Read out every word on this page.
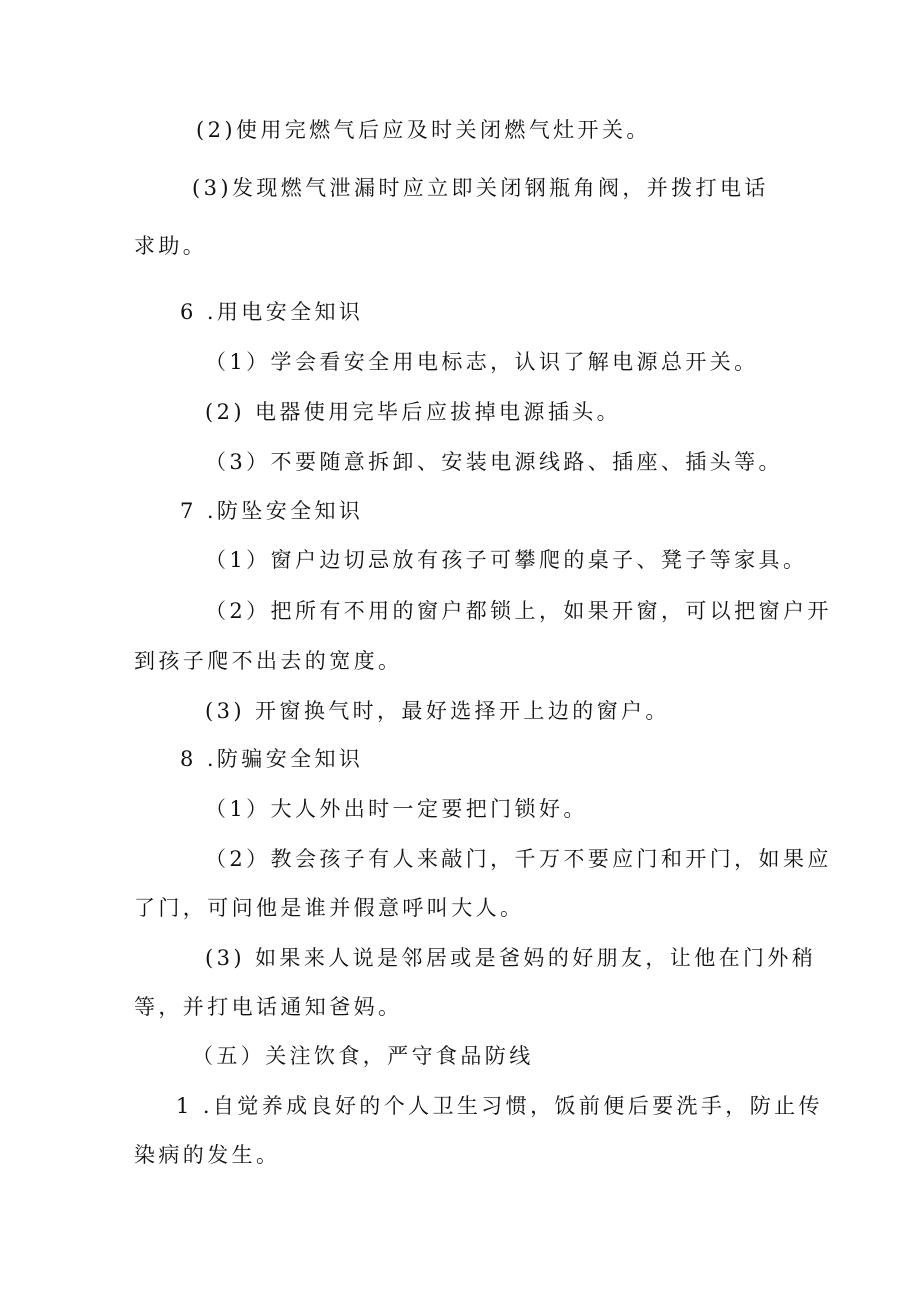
(2)使用完燃气后应及时关闭燃气灶开关。
(3)发现燃气泄漏时应立即关闭钢瓶角阀，并拨打电话
求助。
6 .用电安全知识
（1）学会看安全用电标志，认识了解电源总开关。
(2) 电器使用完毕后应拔掉电源插头。
（3）不要随意拆卸、安装电源线路、插座、插头等。
7 .防坠安全知识
（1）窗户边切忌放有孩子可攀爬的桌子、凳子等家具。
（2）把所有不用的窗户都锁上，如果开窗，可以把窗户开
到孩子爬不出去的宽度。
(3) 开窗换气时，最好选择开上边的窗户。
8 .防骗安全知识
（1）大人外出时一定要把门锁好。
（2）教会孩子有人来敲门，千万不要应门和开门，如果应
了门，可问他是谁并假意呼叫大人。
(3) 如果来人说是邻居或是爸妈的好朋友，让他在门外稍
等，并打电话通知爸妈。
（五）关注饮食，严守食品防线
1 .自觉养成良好的个人卫生习惯，饭前便后要洗手，防止传
染病的发生。
